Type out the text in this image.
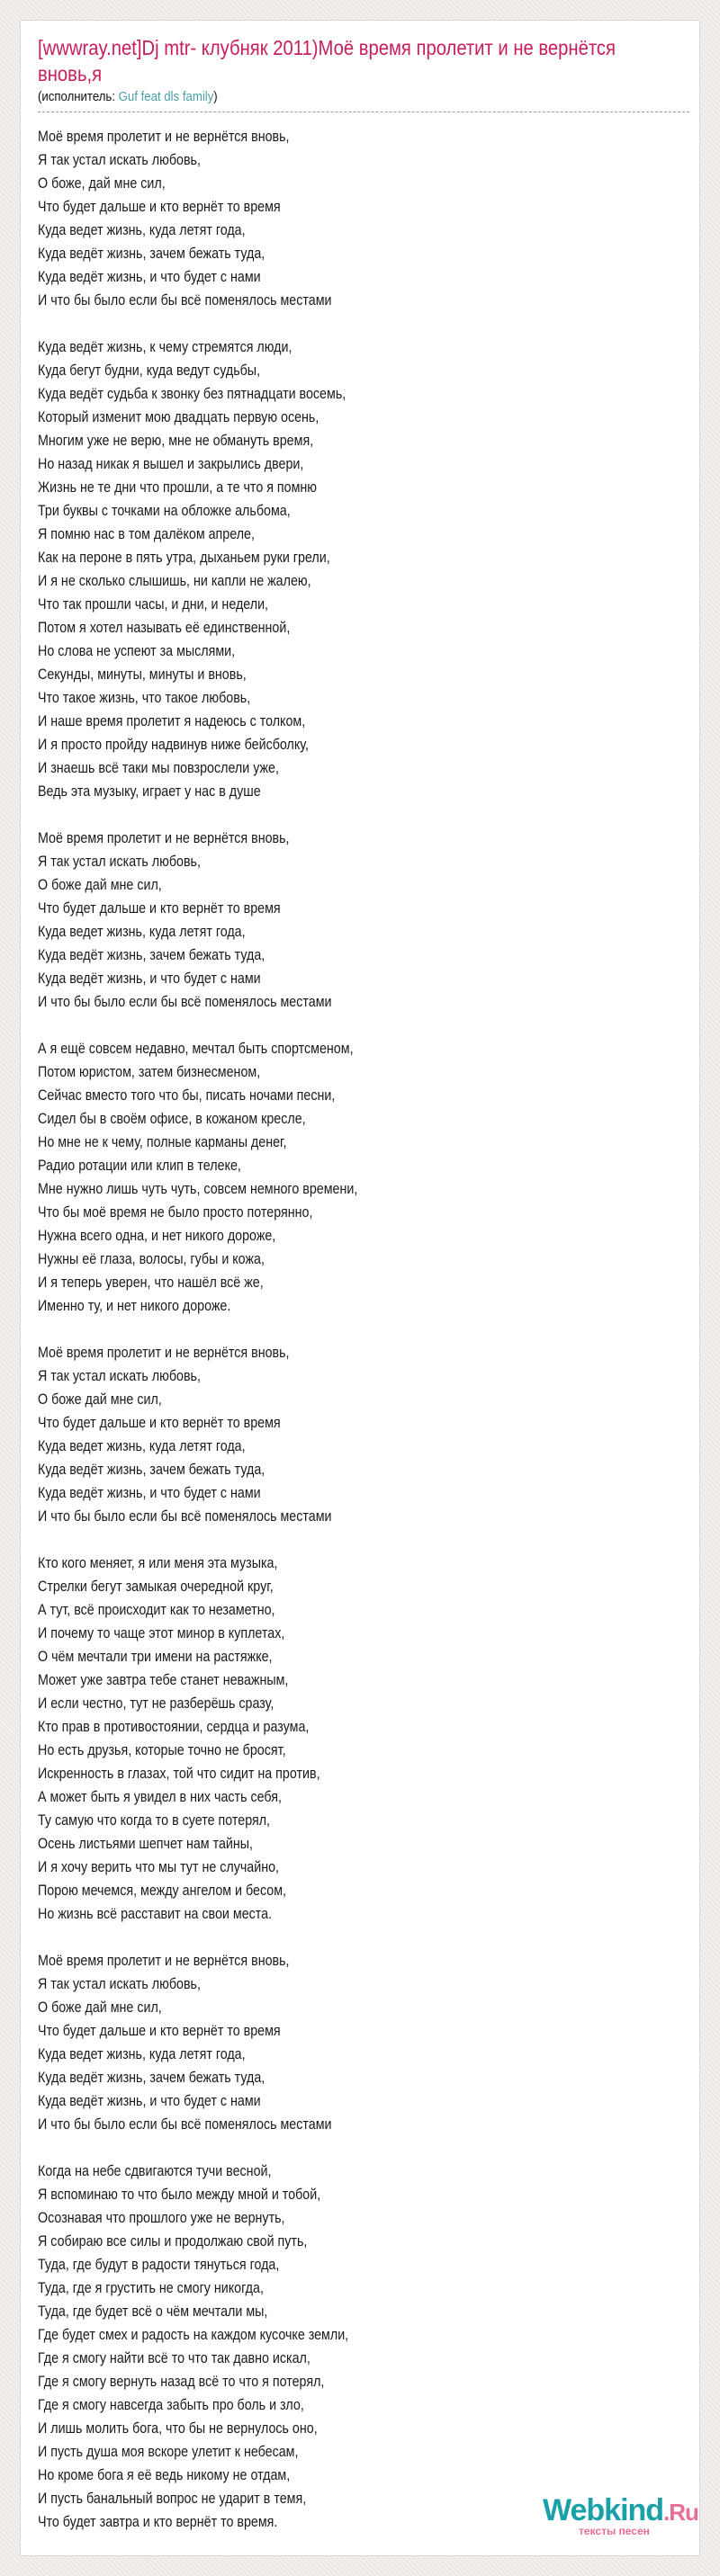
[wwwray.net]Dj mtr- клубняк 2011)Моё время пролетит и не вернётся вновь,я
(исполнитель: Guf feat dls family)
Моё время пролетит и не вернётся вновь,
Я так устал искать любовь,
О боже, дай мне сил,
Что будет дальше и кто вернёт то время
Куда ведет жизнь, куда летят года,
Куда ведёт жизнь, зачем бежать туда,
Куда ведёт жизнь, и что будет с нами
И что бы было если бы всё поменялось местами
Куда ведёт жизнь, к чему стремятся люди,
Куда бегут будни, куда ведут судьбы,
Куда ведёт судьба к звонку без пятнадцати восемь,
Который изменит мою двадцать первую осень,
Многим уже не верю, мне не обмануть время,
Но назад никак я вышел и закрылись двери,
Жизнь не те дни что прошли, а те что я помню
Три буквы с точками на обложке альбома,
Я помню нас в том далёком апреле,
Как на пероне в пять утра, дыханьем руки грели,
И я не сколько слышишь, ни капли не жалею,
Что так прошли часы, и дни, и недели,
Потом я хотел называть её единственной,
Но слова не успеют за мыслями,
Секунды, минуты, минуты и вновь,
Что такое жизнь, что такое любовь,
И наше время пролетит я надеюсь с толком,
И я просто пройду надвинув ниже бейсболку,
И знаешь всё таки мы повзрослели уже,
Ведь эта музыку, играет у нас в душе
Моё время пролетит и не вернётся вновь,
Я так устал искать любовь,
О боже дай мне сил,
Что будет дальше и кто вернёт то время
Куда ведет жизнь, куда летят года,
Куда ведёт жизнь, зачем бежать туда,
Куда ведёт жизнь, и что будет с нами
И что бы было если бы всё поменялось местами
А я ещё совсем недавно, мечтал быть спортсменом,
Потом юристом, затем бизнесменом,
Сейчас вместо того что бы, писать ночами песни,
Сидел бы в своём офисе, в кожаном кресле,
Но мне не к чему, полные карманы денег,
Радио ротации или клип в телеке,
Мне нужно лишь чуть чуть, совсем немного времени,
Что бы моё время не было просто потерянно,
Нужна всего одна, и нет никого дороже,
Нужны её глаза, волосы, губы и кожа,
И я теперь уверен, что нашёл всё же,
Именно ту, и нет никого дороже.
Моё время пролетит и не вернётся вновь,
Я так устал искать любовь,
О боже дай мне сил,
Что будет дальше и кто вернёт то время
Куда ведет жизнь, куда летят года,
Куда ведёт жизнь, зачем бежать туда,
Куда ведёт жизнь, и что будет с нами
И что бы было если бы всё поменялось местами
Кто кого меняет, я или меня эта музыка,
Стрелки бегут замыкая очередной круг,
А тут, всё происходит как то незаметно,
И почему то чаще этот минор в куплетах,
О чём мечтали три имени на растяжке,
Может уже завтра тебе станет неважным,
И если честно, тут не разберёшь сразу,
Кто прав в противостоянии, сердца и разума,
Но есть друзья, которые точно не бросят,
Искренность в глазах, той что сидит на против,
А может быть я увидел в них часть себя,
Ту самую что когда то в суете потерял,
Осень листьями шепчет нам тайны,
И я хочу верить что мы тут не случайно,
Порою мечемся, между ангелом и бесом,
Но жизнь всё расставит на свои места.
Моё время пролетит и не вернётся вновь,
Я так устал искать любовь,
О боже дай мне сил,
Что будет дальше и кто вернёт то время
Куда ведет жизнь, куда летят года,
Куда ведёт жизнь, зачем бежать туда,
Куда ведёт жизнь, и что будет с нами
И что бы было если бы всё поменялось местами
Когда на небе сдвигаются тучи весной,
Я вспоминаю то что было между мной и тобой,
Осознавая что прошлого уже не вернуть,
Я собираю все силы и продолжаю свой путь,
Туда, где будут в радости тянуться года,
Туда, где я грустить не смогу никогда,
Туда, где будет всё о чём мечтали мы,
Где будет смех и радость на каждом кусочке земли,
Где я смогу найти всё то что так давно искал,
Где я смогу вернуть назад всё то что я потерял,
Где я смогу навсегда забыть про боль и зло,
И лишь молить бога, что бы не вернулось оно,
И пусть душа моя вскоре улетит к небесам,
Но кроме бога я её ведь никому не отдам,
И пусть банальный вопрос не ударит в темя,
Что будет завтра и кто вернёт то время.	Webkind.Ru
тексты песен
